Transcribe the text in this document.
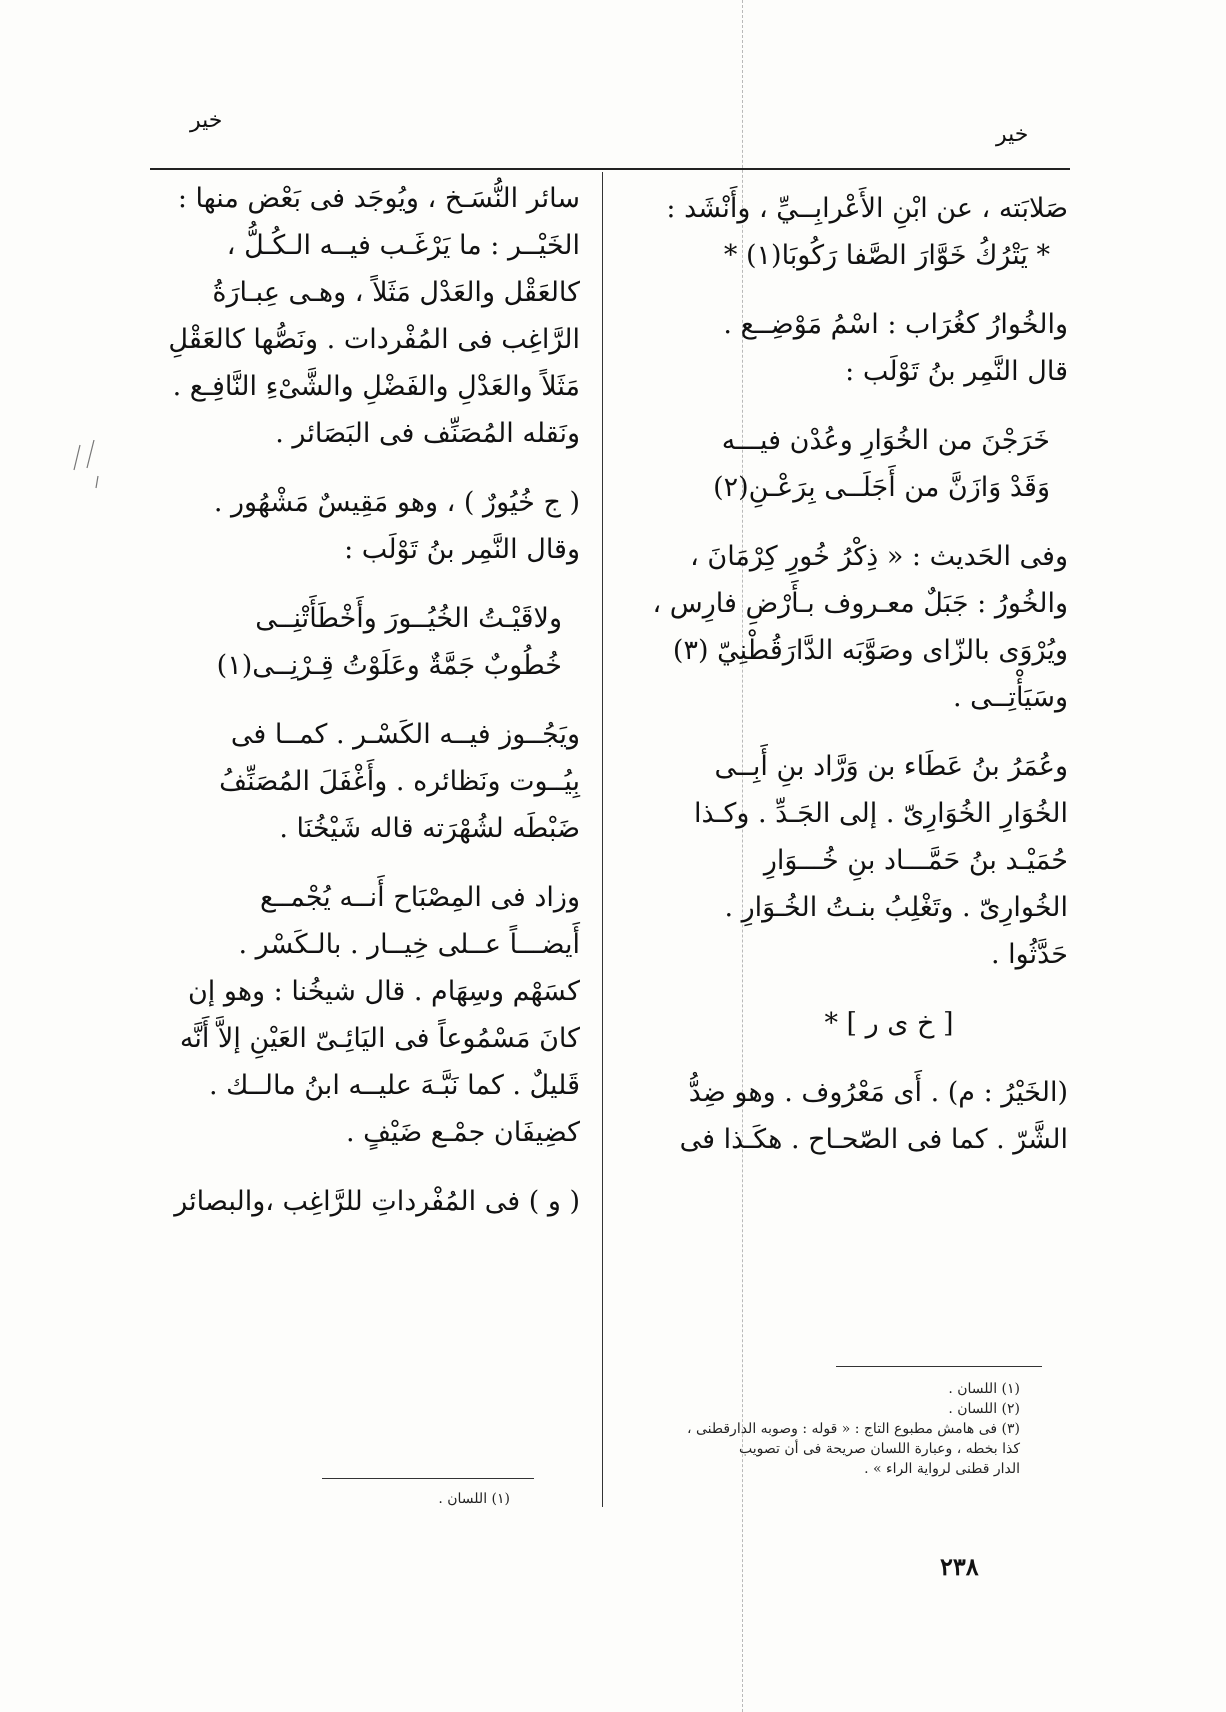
خير
خير
صَلابَته ، عن ابْنِ الأَعْرابِــيِّ ، وأَنْشَد :
* يَتْرُكُ خَوَّارَ الصَّفا رَكُوبَا(١) *
والخُوارُ كغُرَاب : اسْمُ مَوْضِــع .
قال النَّمِر بنُ تَوْلَب :
خَرَجْنَ من الخُوَارِ وعُدْن فيـــه
وَقَدْ وَازَنَّ من أَجَلَــى بِرَعْـنِ(٢)
وفى الحَديث : « ذِكْرُ خُورِ كِرْمَانَ ،
والخُورُ : جَبَلٌ معـروف بـأَرْضِ فارِس ،
ويُرْوَى بالزّاى وصَوَّبَه الدَّارَقُطْنِيّ (٣)
وسَيَأْتِــى .
وعُمَرُ بنُ عَطَاء بن وَرَّاد بنِ أَبِــى
الخُوَارِ الخُوَارِىّ . إلى الجَـدِّ . وكـذا
حُمَيْـد بنُ حَمَّـــاد بنِ خُـــوَارِ
الخُوارِىّ . وتَغْلِبُ بنـتُ الخُـوَارِ .
حَدَّثُوا .
[ خ ى ر ] *
(الخَيْرُ : م) . أَى مَعْرُوف . وهو ضِدُّ
الشَّرّ . كما فى الصّحـاح . هكَـذا فى
سائر النُّسَـخ ، ويُوجَد فى بَعْض منها :
الخَيْــر : ما يَرْغَـب فيــه الـكُـلُّ ،
كالعَقْل والعَدْل مَثَلاً ، وهـى عِبـارَةُ
الرَّاغِب فى المُفْردات . ونَصُّها كالعَقْلِ
مَثَلاً والعَدْلِ والفَضْلِ والشَّىْءِ النَّافِـع .
ونَقله المُصَنِّف فى البَصَائر .
( ج خُيُورٌ ) ، وهو مَقِيسٌ مَشْهُور .
وقال النَّمِر بنُ تَوْلَب :
ولاقَيْـتُ الخُيُــورَ وأَخْطَأَتْنِــى
خُطُوبٌ جَمَّةٌ وعَلَوْتُ قِـرْنِــى(١)
ويَجُــوز فيــه الكَسْـر . كمــا فى
بِيُــوت ونَظائره . وأَغْفَلَ المُصَنِّفُ
ضَبْطَه لشُهْرَته قاله شَيْخُنَا .
وزاد فى المِصْبَاح أَنــه يُجْمــع
أَيضـــاً عــلى خِيــار . بالـكَسْر .
كسَهْم وسِهَام . قال شيخُنا : وهو إن
كانَ مَسْمُوعاً فى اليَائِـىّ العَيْنِ إلاَّ أَنَّه
قَليلٌ . كما نَبَّـهَ عليــه ابنُ مالــك .
كضِيفَان جمْـع ضَيْفٍ .
( و ) فى المُفْرداتِ للرَّاغِب ،والبصائر
(١) اللسان .
(٢) اللسان .
(٣) فى هامش مطبوع التاج : « قوله : وصوبه الدارقطنى ،
كذا بخطه ، وعبارة اللسان صريحة فى أن تصويب
الدار قطنى لرواية الراء » .
(١) اللسان .
٢٣٨
